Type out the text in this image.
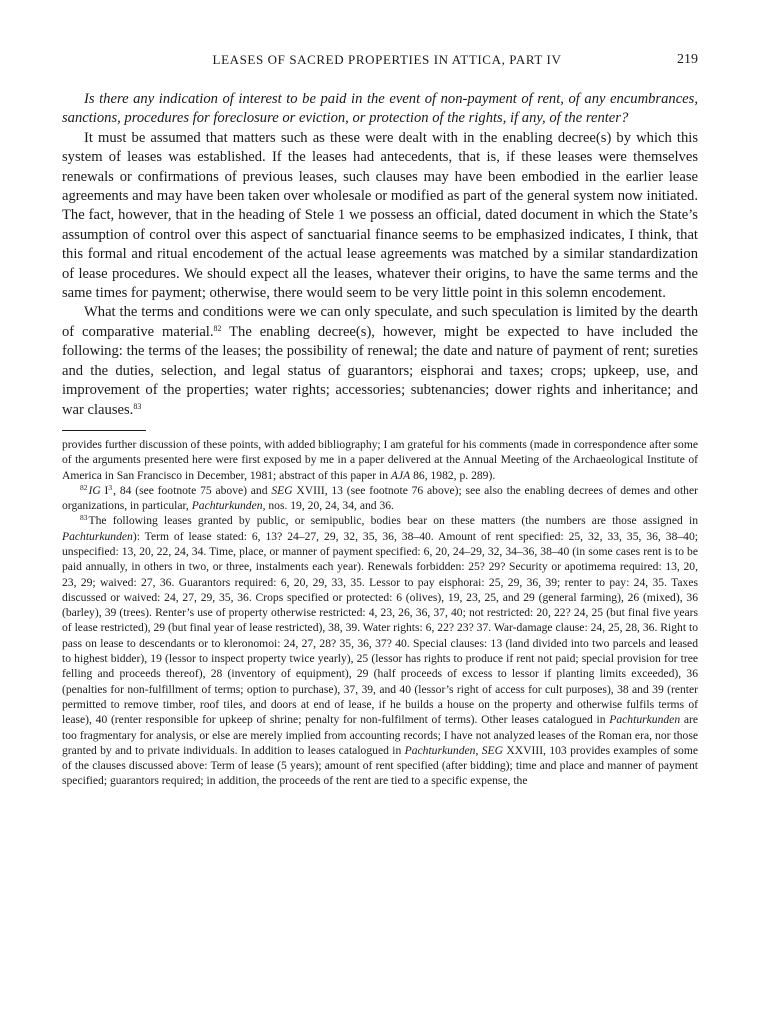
LEASES OF SACRED PROPERTIES IN ATTICA, PART IV	219

Is there any indication of interest to be paid in the event of non-payment of rent, of any encumbrances, sanctions, procedures for foreclosure or eviction, or protection of the rights, if any, of the renter?

It must be assumed that matters such as these were dealt with in the enabling decree(s) by which this system of leases was established. If the leases had antecedents, that is, if these leases were themselves renewals or confirmations of previous leases, such clauses may have been embodied in the earlier lease agreements and may have been taken over wholesale or modified as part of the general system now initiated. The fact, however, that in the heading of Stele 1 we possess an official, dated document in which the State’s assumption of control over this aspect of sanctuarial finance seems to be emphasized indicates, I think, that this formal and ritual encodement of the actual lease agreements was matched by a similar standardization of lease procedures. We should expect all the leases, whatever their origins, to have the same terms and the same times for payment; otherwise, there would seem to be very little point in this solemn encodement.

What the terms and conditions were we can only speculate, and such speculation is limited by the dearth of comparative material.$^{82}$ The enabling decree(s), however, might be expected to have included the following: the terms of the leases; the possibility of renewal; the date and nature of payment of rent; sureties and the duties, selection, and legal status of guarantors; eisphorai and taxes; crops; upkeep, use, and improvement of the properties; water rights; accessories; subtenancies; dower rights and inheritance; and war clauses.$^{83}$

provides further discussion of these points, with added bibliography; I am grateful for his comments (made in correspondence after some of the arguments presented here were first exposed by me in a paper delivered at the Annual Meeting of the Archaeological Institute of America in San Francisco in December, 1981; abstract of this paper in AJA 86, 1982, p. 289).

$^{82}$IG $I^3$, 84 (see footnote 75 above) and SEG XVIII, 13 (see footnote 76 above); see also the enabling decrees of demes and other organizations, in particular, Pachturkunden, nos. 19, 20, 24, 34, and 36.

$^{83}$The following leases granted by public, or semipublic, bodies bear on these matters (the numbers are those assigned in Pachturkunden): Term of lease stated: 6, 13? 24–27, 29, 32, 35, 36, 38–40. Amount of rent specified: 25, 32, 33, 35, 36, 38–40; unspecified: 13, 20, 22, 24, 34. Time, place, or manner of payment specified: 6, 20, 24–29, 32, 34–36, 38–40 (in some cases rent is to be paid annually, in others in two, or three, instalments each year). Renewals forbidden: 25? 29? Security or apotimema required: 13, 20, 23, 29; waived: 27, 36. Guarantors required: 6, 20, 29, 33, 35. Lessor to pay eisphorai: 25, 29, 36, 39; renter to pay: 24, 35. Taxes discussed or waived: 24, 27, 29, 35, 36. Crops specified or protected: 6 (olives), 19, 23, 25, and 29 (general farming), 26 (mixed), 36 (barley), 39 (trees). Renter’s use of property otherwise restricted: 4, 23, 26, 36, 37, 40; not restricted: 20, 22? 24, 25 (but final five years of lease restricted), 29 (but final year of lease restricted), 38, 39. Water rights: 6, 22? 23? 37. War-damage clause: 24, 25, 28, 36. Right to pass on lease to descendants or to kleronomoi: 24, 27, 28? 35, 36, 37? 40. Special clauses: 13 (land divided into two parcels and leased to highest bidder), 19 (lessor to inspect property twice yearly), 25 (lessor has rights to produce if rent not paid; special provision for tree felling and proceeds thereof), 28 (inventory of equipment), 29 (half proceeds of excess to lessor if planting limits exceeded), 36 (penalties for non-fulfillment of terms; option to purchase), 37, 39, and 40 (lessor’s right of access for cult purposes), 38 and 39 (renter permitted to remove timber, roof tiles, and doors at end of lease, if he builds a house on the property and otherwise fulfils terms of lease), 40 (renter responsible for upkeep of shrine; penalty for non-fulfilment of terms). Other leases catalogued in Pachturkunden are too fragmentary for analysis, or else are merely implied from accounting records; I have not analyzed leases of the Roman era, nor those granted by and to private individuals. In addition to leases catalogued in Pachturkunden, SEG XXVIII, 103 provides examples of some of the clauses discussed above: Term of lease (5 years); amount of rent specified (after bidding); time and place and manner of payment specified; guarantors required; in addition, the proceeds of the rent are tied to a specific expense, the
